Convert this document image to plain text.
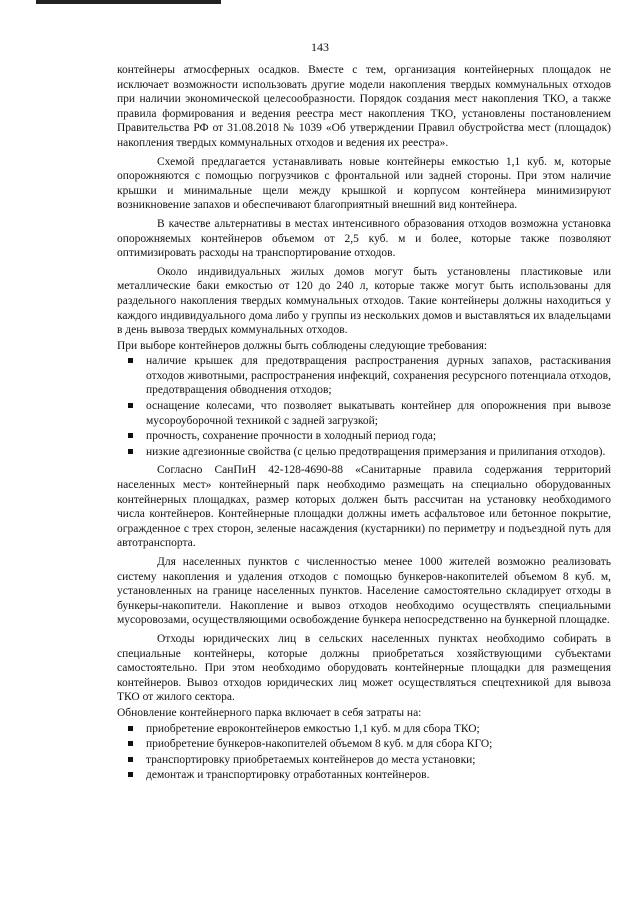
143

контейнеры атмосферных осадков. Вместе с тем, организация контейнерных площадок не исключает возможности использовать другие модели накопления твердых коммунальных отходов при наличии экономической целесообразности. Порядок создания мест накопления ТКО, а также правила формирования и ведения реестра мест накопления ТКО, установлены постановлением Правительства РФ от 31.08.2018 № 1039 «Об утверждении Правил обустройства мест (площадок) накопления твердых коммунальных отходов и ведения их реестра».

Схемой предлагается устанавливать новые контейнеры емкостью 1,1 куб. м, которые опорожняются с помощью погрузчиков с фронтальной или задней стороны. При этом наличие крышки и минимальные щели между крышкой и корпусом контейнера минимизируют возникновение запахов и обеспечивают благоприятный внешний вид контейнера.

В качестве альтернативы в местах интенсивного образования отходов возможна установка опорожняемых контейнеров объемом от 2,5 куб. м и более, которые также позволяют оптимизировать расходы на транспортирование отходов.

Около индивидуальных жилых домов могут быть установлены пластиковые или металлические баки емкостью от 120 до 240 л, которые также могут быть использованы для раздельного накопления твердых коммунальных отходов. Такие контейнеры должны находиться у каждого индивидуального дома либо у группы из нескольких домов и выставляться их владельцами в день вывоза твердых коммунальных отходов.

При выборе контейнеров должны быть соблюдены следующие требования:

наличие крышек для предотвращения распространения дурных запахов, растаскивания отходов животными, распространения инфекций, сохранения ресурсного потенциала отходов, предотвращения обводнения отходов;
оснащение колесами, что позволяет выкатывать контейнер для опорожнения при вывозе мусороуборочной техникой с задней загрузкой;
прочность, сохранение прочности в холодный период года;
низкие адгезионные свойства (с целью предотвращения примерзания и прилипания отходов).

Согласно СанПиН 42-128-4690-88 «Санитарные правила содержания территорий населенных мест» контейнерный парк необходимо размещать на специально оборудованных контейнерных площадках, размер которых должен быть рассчитан на установку необходимого числа контейнеров. Контейнерные площадки должны иметь асфальтовое или бетонное покрытие, огражденное с трех сторон, зеленые насаждения (кустарники) по периметру и подъездной путь для автотранспорта.

Для населенных пунктов с численностью менее 1000 жителей возможно реализовать систему накопления и удаления отходов с помощью бункеров-накопителей объемом 8 куб. м, установленных на границе населенных пунктов. Население самостоятельно складирует отходы в бункеры-накопители. Накопление и вывоз отходов необходимо осуществлять специальными мусоровозами, осуществляющими освобождение бункера непосредственно на бункерной площадке.

Отходы юридических лиц в сельских населенных пунктах необходимо собирать в специальные контейнеры, которые должны приобретаться хозяйствующими субъектами самостоятельно. При этом необходимо оборудовать контейнерные площадки для размещения контейнеров. Вывоз отходов юридических лиц может осуществляться спецтехникой для вывоза ТКО от жилого сектора.

Обновление контейнерного парка включает в себя затраты на:

приобретение евроконтейнеров емкостью 1,1 куб. м для сбора ТКО;
приобретение бункеров-накопителей объемом 8 куб. м для сбора КГО;
транспортировку приобретаемых контейнеров до места установки;
демонтаж и транспортировку отработанных контейнеров.
